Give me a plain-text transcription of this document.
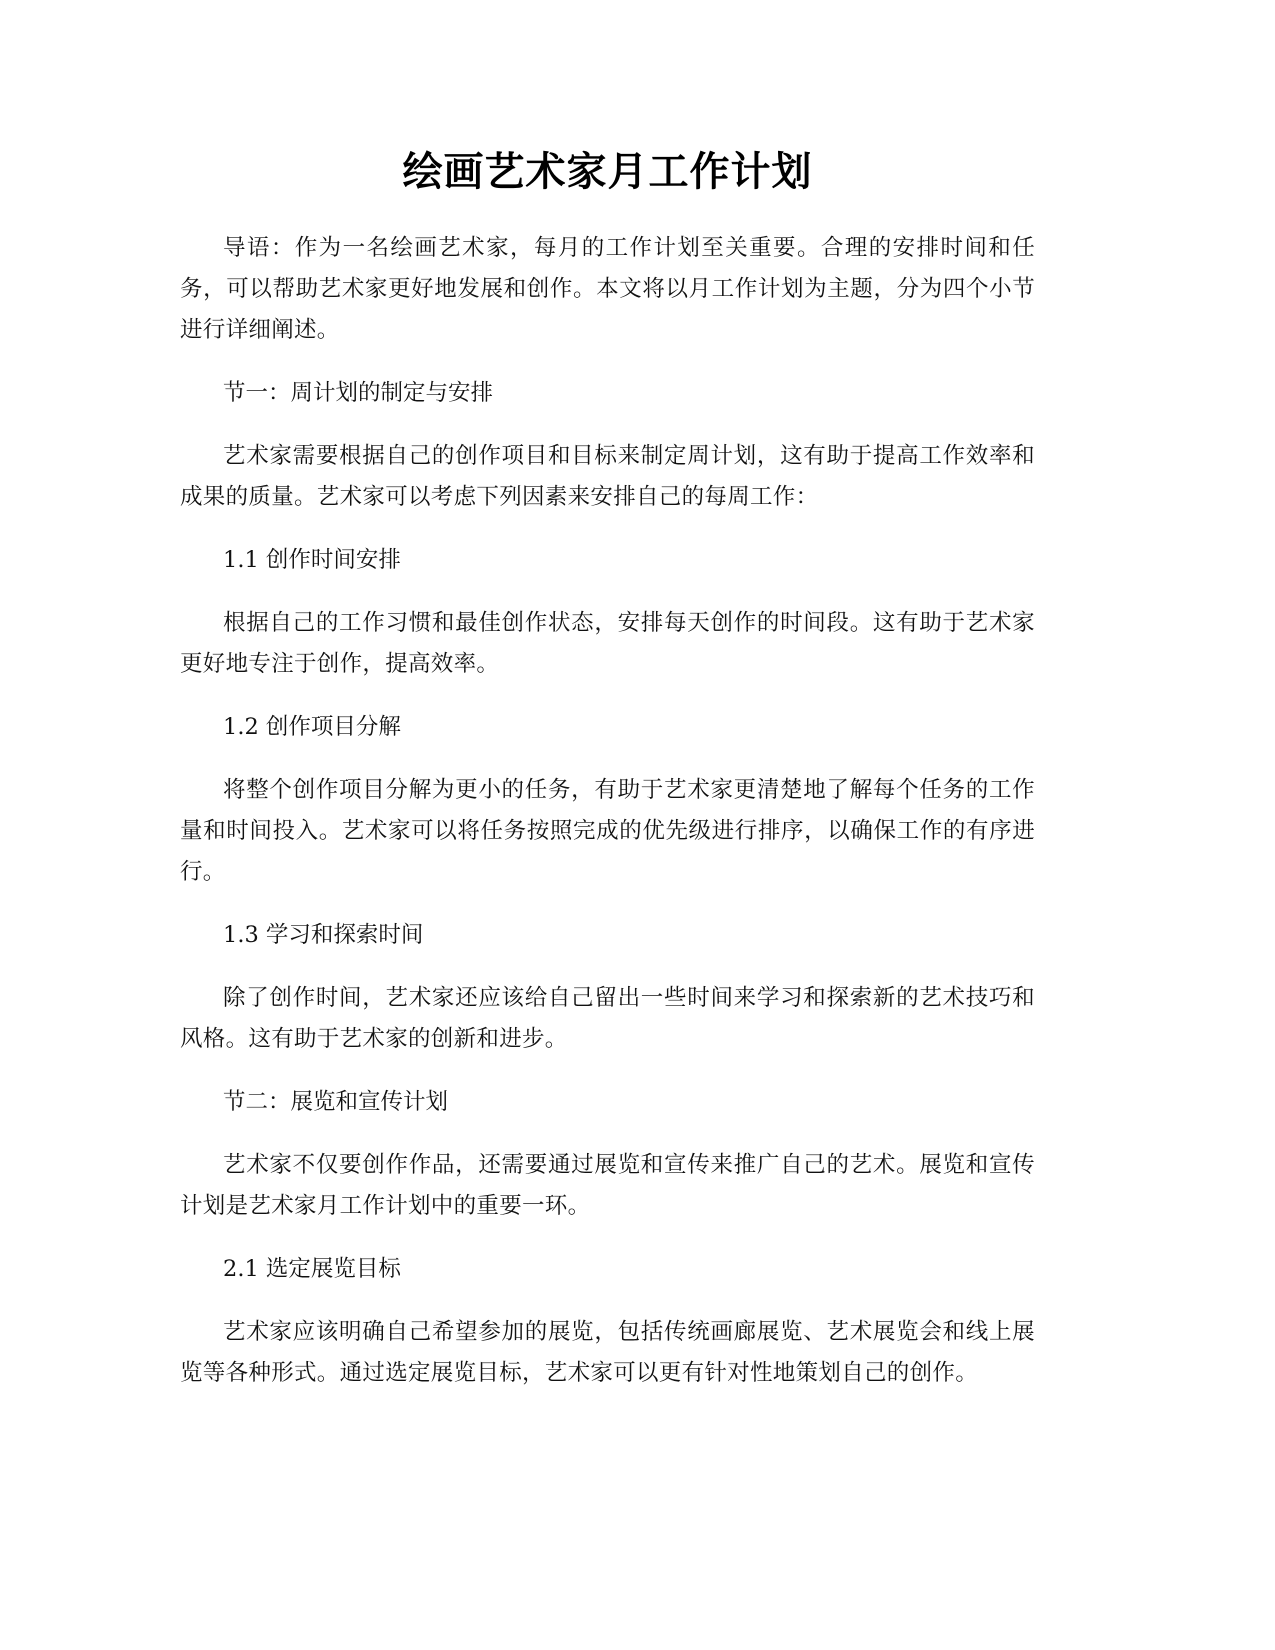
绘画艺术家月工作计划

导语：作为一名绘画艺术家，每月的工作计划至关重要。合理的安排时间和任务，可以帮助艺术家更好地发展和创作。本文将以月工作计划为主题，分为四个小节进行详细阐述。

节一：周计划的制定与安排

艺术家需要根据自己的创作项目和目标来制定周计划，这有助于提高工作效率和成果的质量。艺术家可以考虑下列因素来安排自己的每周工作：

1.1 创作时间安排

根据自己的工作习惯和最佳创作状态，安排每天创作的时间段。这有助于艺术家更好地专注于创作，提高效率。

1.2 创作项目分解

将整个创作项目分解为更小的任务，有助于艺术家更清楚地了解每个任务的工作量和时间投入。艺术家可以将任务按照完成的优先级进行排序，以确保工作的有序进行。

1.3 学习和探索时间

除了创作时间，艺术家还应该给自己留出一些时间来学习和探索新的艺术技巧和风格。这有助于艺术家的创新和进步。

节二：展览和宣传计划

艺术家不仅要创作作品，还需要通过展览和宣传来推广自己的艺术。展览和宣传计划是艺术家月工作计划中的重要一环。

2.1 选定展览目标

艺术家应该明确自己希望参加的展览，包括传统画廊展览、艺术展览会和线上展览等各种形式。通过选定展览目标，艺术家可以更有针对性地策划自己的创作。
